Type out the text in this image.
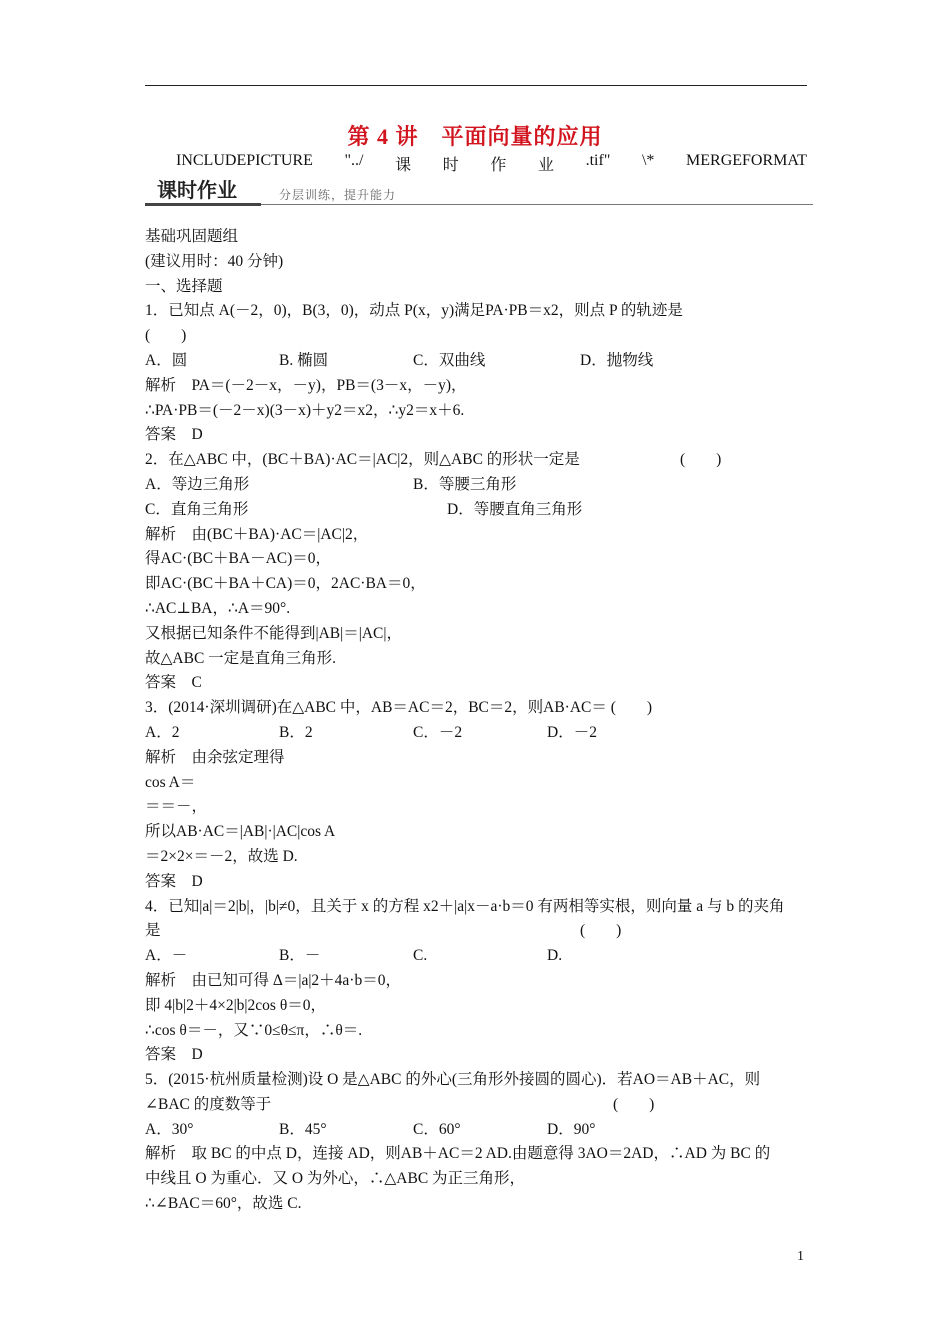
第 4 讲　平面向量的应用
INCLUDEPICTURE "../ 课 时 作 业 .tif" \* MERGEFORMAT
课时作业	分层训练，提升能力
基础巩固题组
(建议用时：40 分钟)
一、选择题
1．已知点 A(－2，0)，B(3，0)，动点 P(x，y)满足PA·PB＝x2，则点 P 的轨迹是
(　　)
A．圆	B. 椭圆	C．双曲线	D．抛物线
解析　PA＝(－2－x，－y)，PB＝(3－x，－y)，
∴PA·PB＝(－2－x)(3－x)＋y2＝x2，∴y2＝x＋6.
答案　D
2．在△ABC 中，(BC＋BA)·AC＝|AC|2，则△ABC 的形状一定是	(　　)
A．等边三角形	B．等腰三角形
C．直角三角形	D．等腰直角三角形
解析　由(BC＋BA)·AC＝|AC|2，
得AC·(BC＋BA－AC)＝0，
即AC·(BC＋BA＋CA)＝0，2AC·BA＝0，
∴AC⊥BA，∴A＝90°.
又根据已知条件不能得到|AB|＝|AC|，
故△ABC 一定是直角三角形.
答案　C
3．(2014·深圳调研)在△ABC 中，AB＝AC＝2，BC＝2，则AB·AC＝ (　　)
A．2	B．2	C．－2	D．－2
解析　由余弦定理得
cos A＝
＝＝－，
所以AB·AC＝|AB|·|AC|cos A
＝2×2×＝－2，故选 D.
答案　D
4．已知|a|＝2|b|，|b|≠0，且关于 x 的方程 x2＋|a|x－a·b＝0 有两相等实根，则向量 a 与 b 的夹角
是	(　　)
A．－	B．－	C.	D.
解析　由已知可得 Δ＝|a|2＋4a·b＝0，
即 4|b|2＋4×2|b|2cos θ＝0，
∴cos θ＝－，又∵0≤θ≤π，∴θ＝.
答案　D
5．(2015·杭州质量检测)设 O 是△ABC 的外心(三角形外接圆的圆心)．若AO＝AB＋AC，则
∠BAC 的度数等于	(　　)
A．30°	B．45°	C．60°	D．90°
解析　取 BC 的中点 D，连接 AD，则AB＋AC＝2 AD.由题意得 3AO＝2AD，∴AD 为 BC 的
中线且 O 为重心．又 O 为外心，∴△ABC 为正三角形，
∴∠BAC＝60°，故选 C.
1
